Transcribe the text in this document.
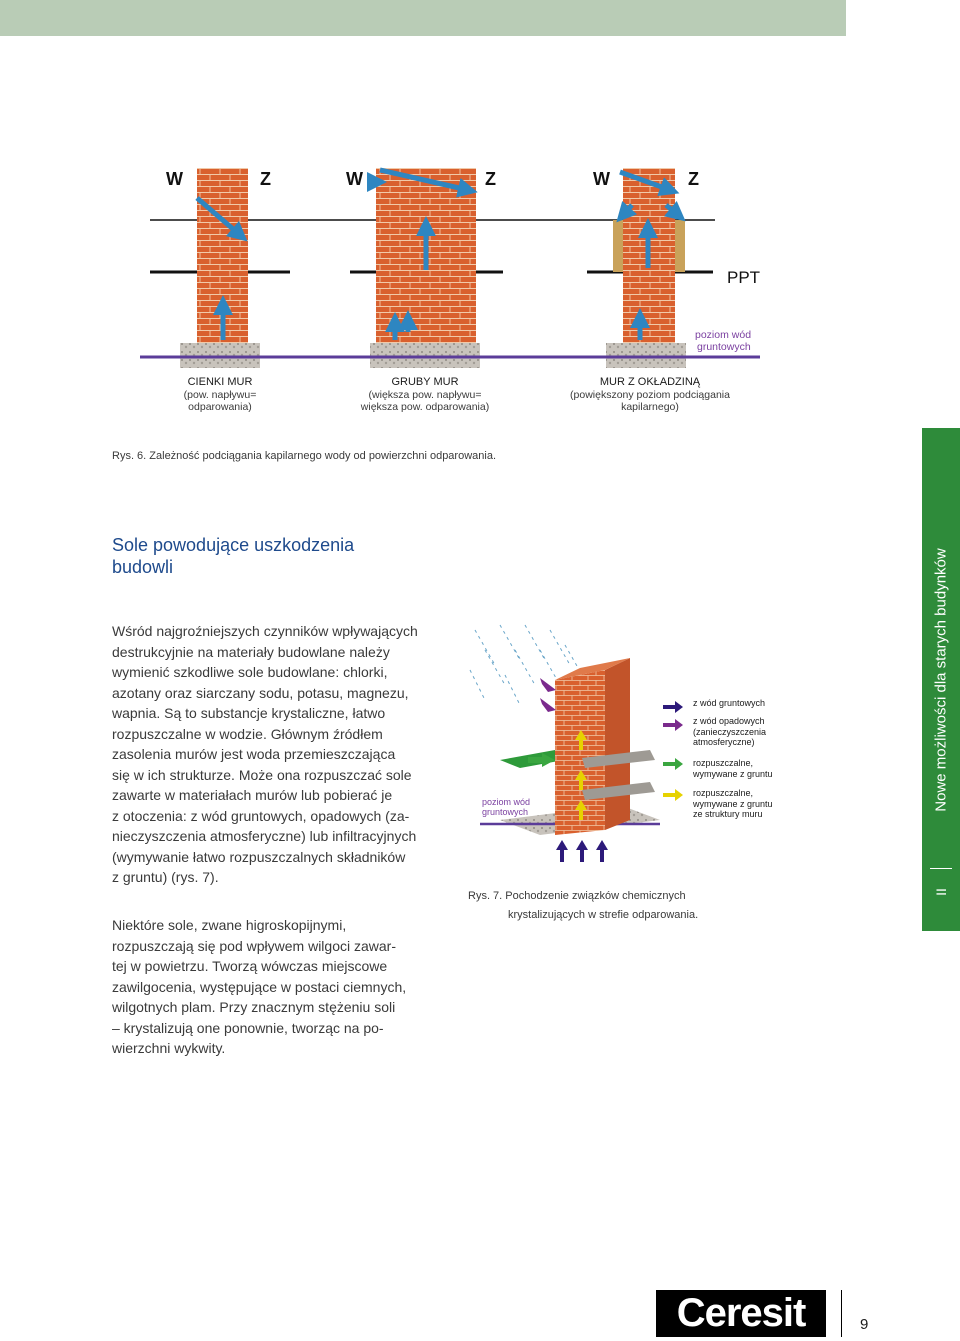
W	Z	W	Z	W	Z
PPT
poziom wód
gruntowych
CIENKI MUR
(pow. napływu=
odparowania)
GRUBY MUR
(większa pow. napływu=
większa pow. odparowania)
MUR Z OKŁADZINĄ
(powiększony poziom podciągania
kapilarnego)
Rys. 6. Zależność podciągania kapilarnego wody od powierzchni odparowania.
Sole powodujące uszkodzenia
budowli

Wśród najgroźniejszych czynników wpływających

destrukcyjnie na materiały budowlane należy

wymienić szkodliwe sole budowlane: chlorki,

azotany oraz siarczany sodu, potasu, magnezu,

wapnia. Są to substancje krystaliczne, łatwo

rozpuszczalne w wodzie. Głównym źródłem

zasolenia murów jest woda przemieszczająca

się w ich strukturze. Może ona rozpuszczać sole

zawarte w materiałach murów lub pobierać je

z otoczenia: z wód gruntowych, opadowych (za-

nieczyszczenia atmosferyczne) lub infiltracyjnych

(wymywanie łatwo rozpuszczalnych składników

z gruntu) (rys. 7).

Niektóre sole, zwane higroskopijnymi,

rozpuszczają się pod wpływem wilgoci zawar-

tej w powietrzu. Tworzą wówczas miejscowe

zawilgocenia, występujące w postaci ciemnych,

wilgotnych plam. Przy znacznym stężeniu soli

– krystalizują one ponownie, tworząc na po-

wierzchni wykwity.

poziom wód
gruntowych
z wód gruntowych
z wód opadowych
(zanieczyszczenia
atmosferyczne)
rozpuszczalne,
wymywane z gruntu
rozpuszczalne,
wymywane z gruntu
ze struktury muru
Rys. 7. Pochodzenie związków chemicznych
krystalizujących w strefie odparowania.
Nowe możliwości dla starych budynków
II
Ceresit	9
